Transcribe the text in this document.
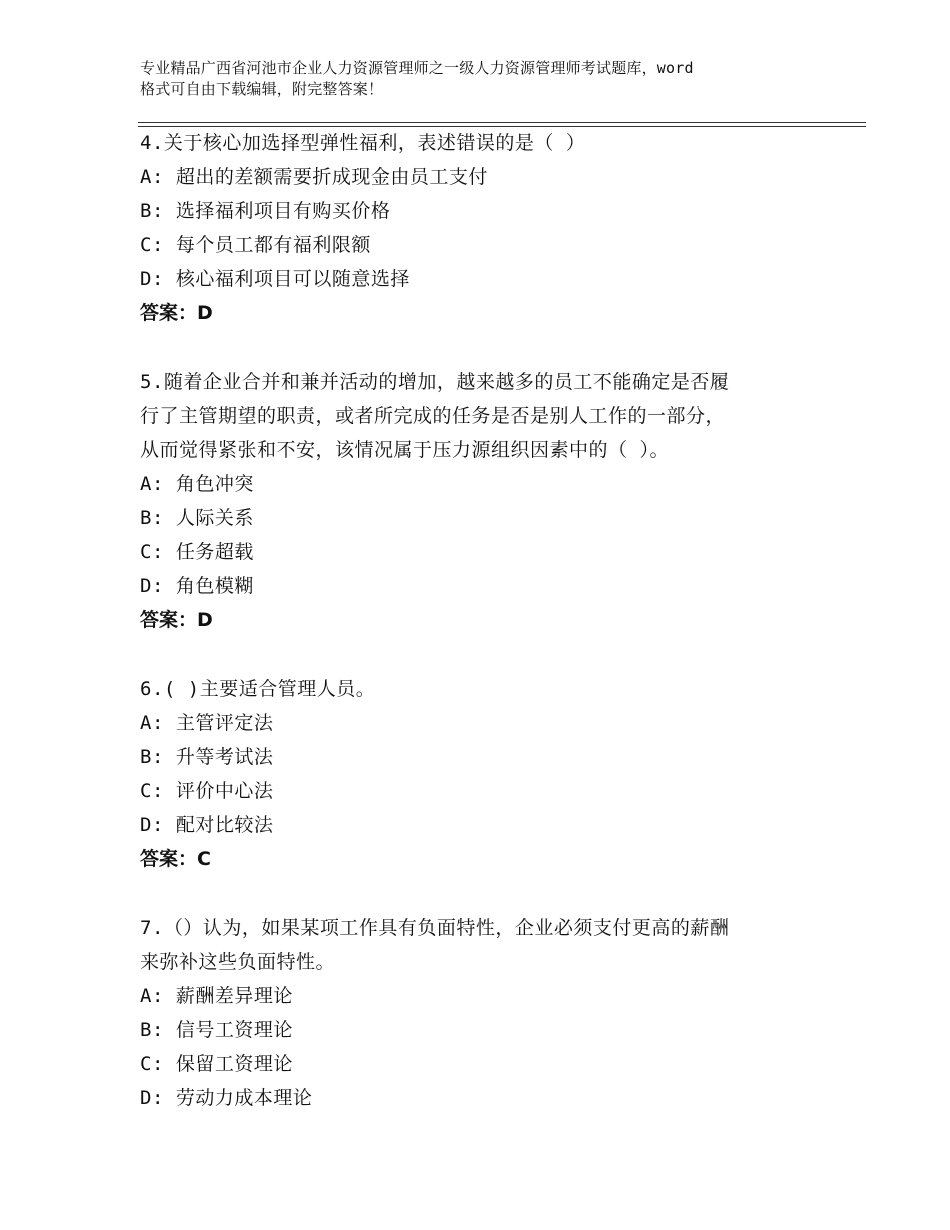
专业精品广西省河池市企业人力资源管理师之一级人力资源管理师考试题库，word
格式可自由下载编辑，附完整答案！
4.关于核心加选择型弹性福利，表述错误的是（ ）
A: 超出的差额需要折成现金由员工支付
B: 选择福利项目有购买价格
C: 每个员工都有福利限额
D: 核心福利项目可以随意选择
答案：D
5.随着企业合并和兼并活动的增加，越来越多的员工不能确定是否履
行了主管期望的职责，或者所完成的任务是否是别人工作的一部分，
从而觉得紧张和不安，该情况属于压力源组织因素中的（ ）。
A: 角色冲突
B: 人际关系
C: 任务超载
D: 角色模糊
答案：D
6.( )主要适合管理人员。
A: 主管评定法
B: 升等考试法
C: 评价中心法
D: 配对比较法
答案：C
7.（）认为，如果某项工作具有负面特性，企业必须支付更高的薪酬
来弥补这些负面特性。
A: 薪酬差异理论
B: 信号工资理论
C: 保留工资理论
D: 劳动力成本理论
